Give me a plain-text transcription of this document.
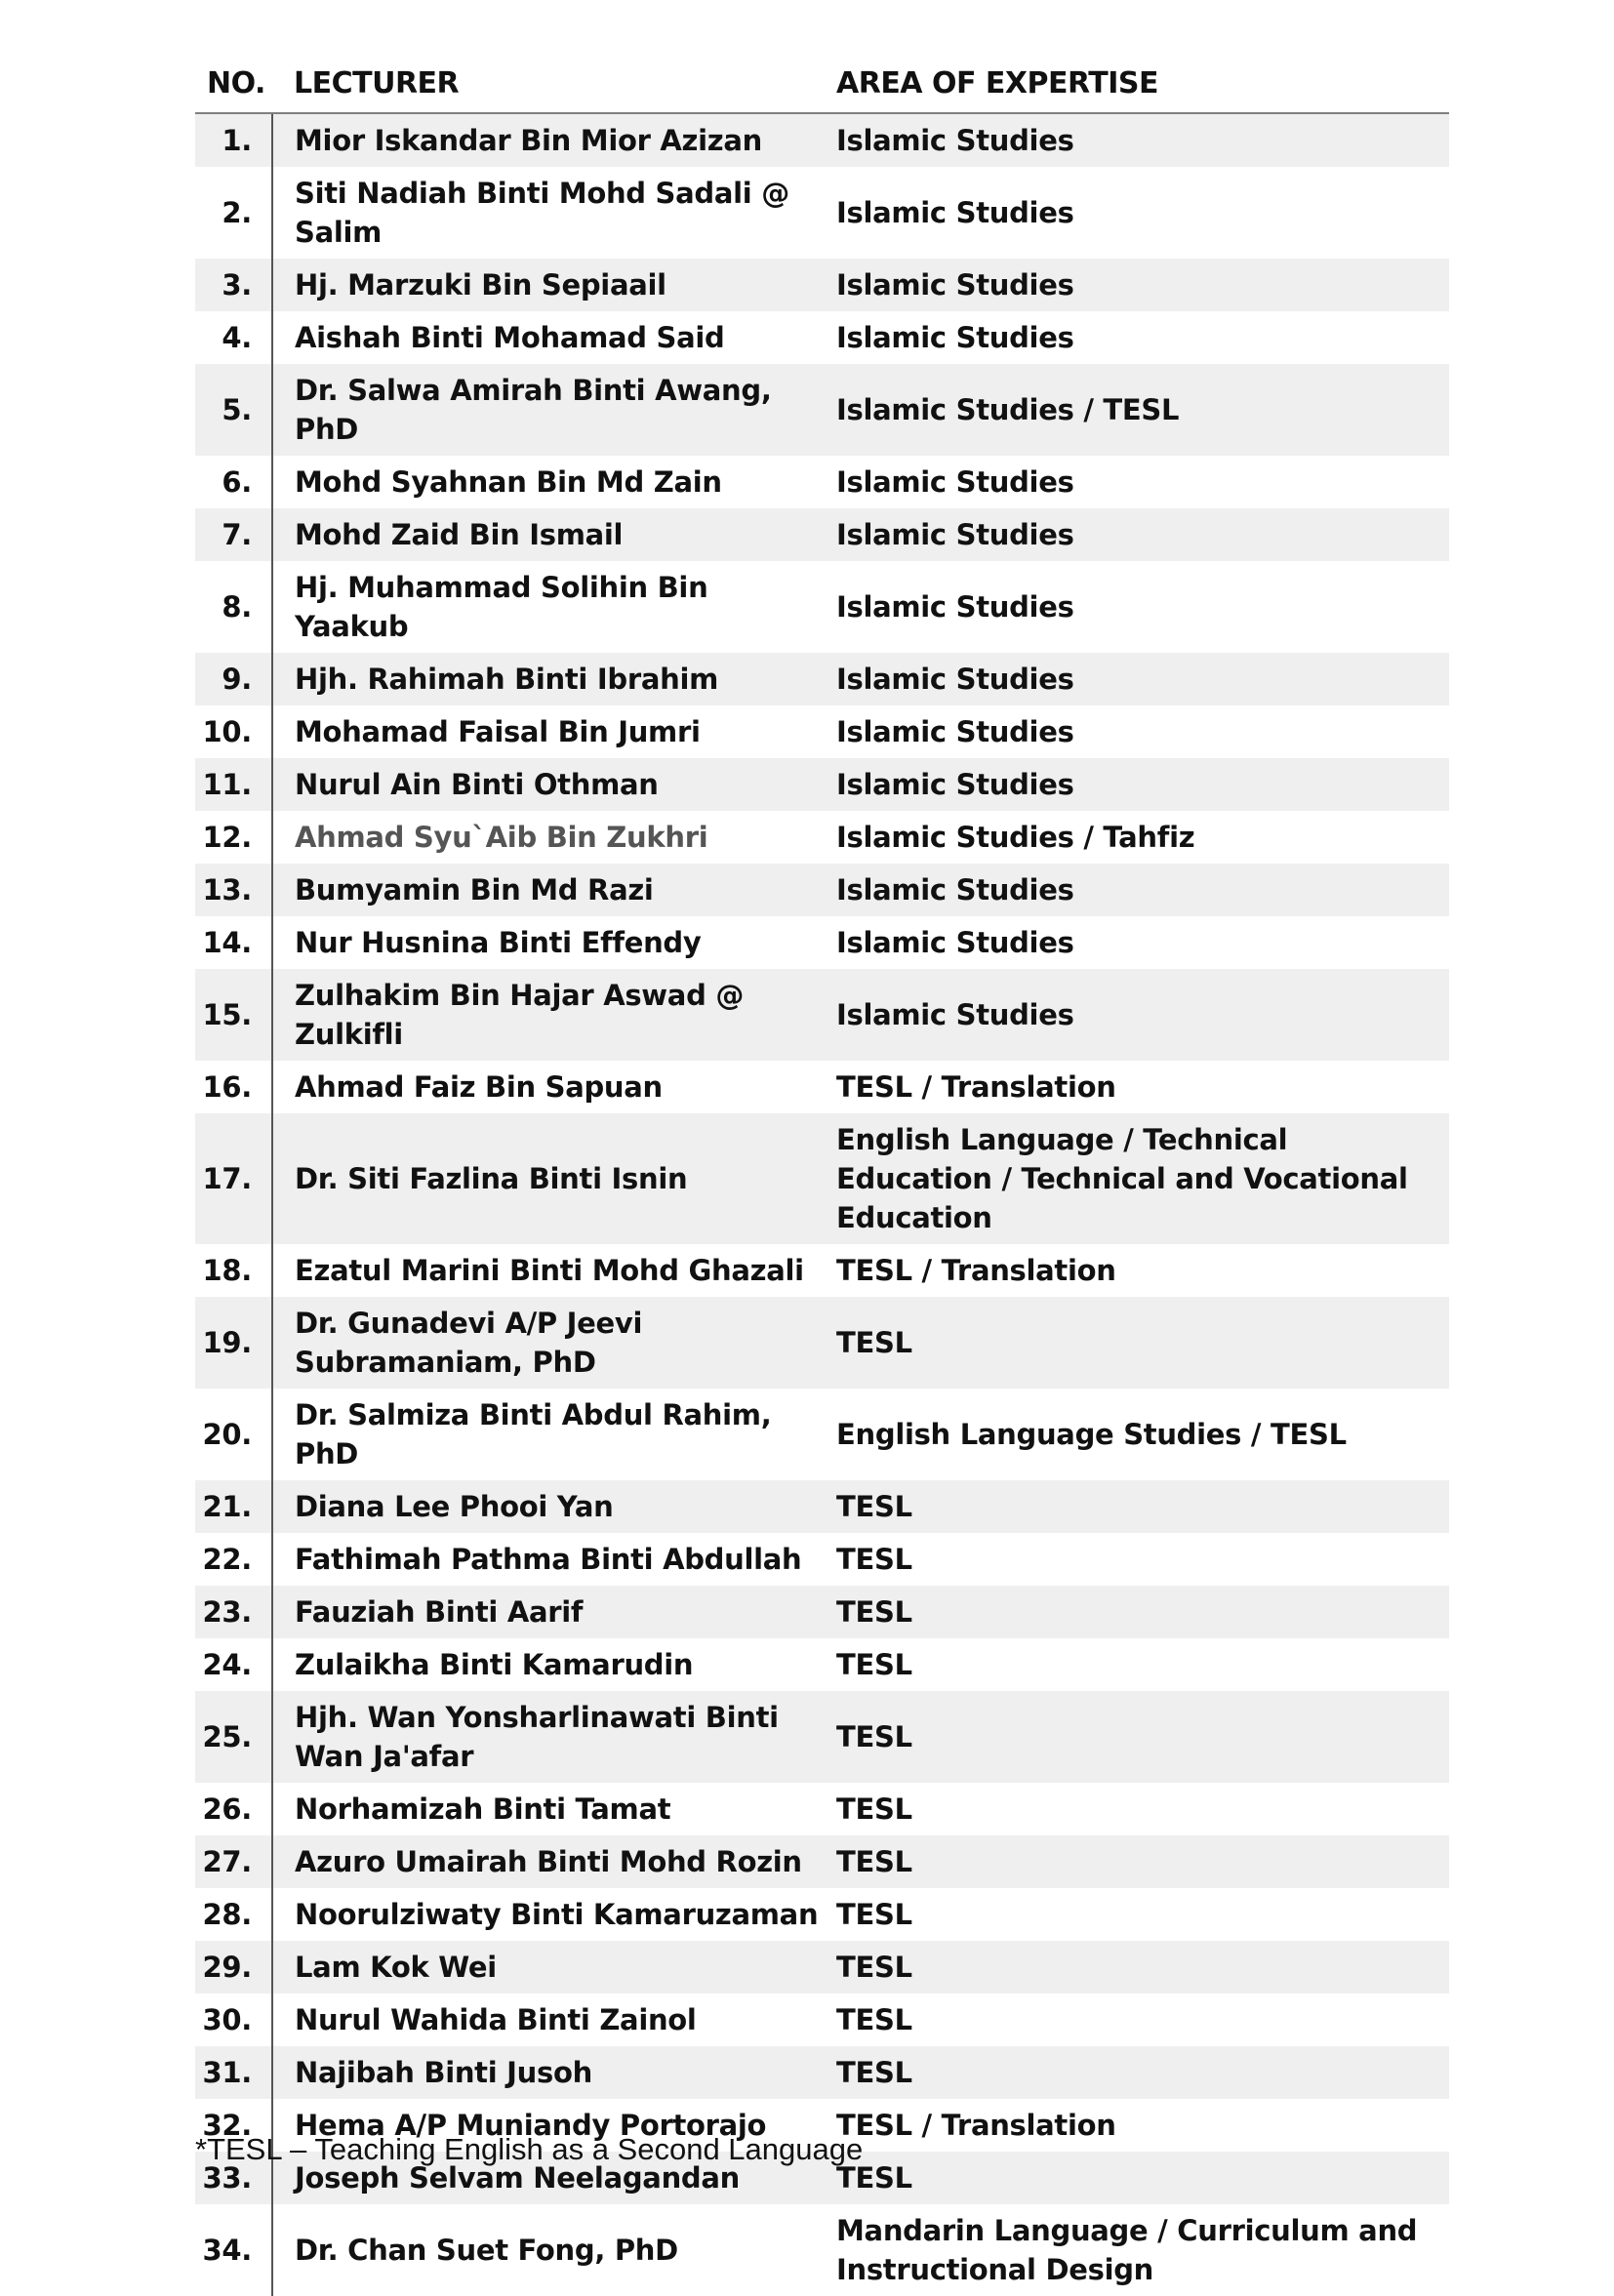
NO.	LECTURER	AREA OF EXPERTISE
1.	Mior Iskandar Bin Mior Azizan	Islamic Studies
2.	Siti Nadiah Binti Mohd Sadali @ Salim	Islamic Studies
3.	Hj. Marzuki Bin Sepiaail	Islamic Studies
4.	Aishah Binti Mohamad Said	Islamic Studies
5.	Dr. Salwa Amirah Binti Awang, PhD	Islamic Studies / TESL
6.	Mohd Syahnan Bin Md Zain	Islamic Studies
7.	Mohd Zaid Bin Ismail	Islamic Studies
8.	Hj. Muhammad Solihin Bin Yaakub	Islamic Studies
9.	Hjh. Rahimah Binti Ibrahim	Islamic Studies
10.	Mohamad Faisal Bin Jumri	Islamic Studies
11.	Nurul Ain Binti Othman	Islamic Studies
12.	Ahmad Syu`Aib Bin Zukhri	Islamic Studies / Tahfiz
13.	Bumyamin Bin Md Razi	Islamic Studies
14.	Nur Husnina Binti Effendy	Islamic Studies
15.	Zulhakim Bin Hajar Aswad @ Zulkifli	Islamic Studies
16.	Ahmad Faiz Bin Sapuan	TESL / Translation
17.	Dr. Siti Fazlina Binti Isnin	English Language / Technical Education / Technical and Vocational Education
18.	Ezatul Marini Binti Mohd Ghazali	TESL / Translation
19.	Dr. Gunadevi A/P Jeevi Subramaniam, PhD	TESL
20.	Dr. Salmiza Binti Abdul Rahim, PhD	English Language Studies / TESL
21.	Diana Lee Phooi Yan	TESL
22.	Fathimah Pathma Binti Abdullah	TESL
23.	Fauziah Binti Aarif	TESL
24.	Zulaikha Binti Kamarudin	TESL
25.	Hjh. Wan Yonsharlinawati Binti Wan Ja'afar	TESL
26.	Norhamizah Binti Tamat	TESL
27.	Azuro Umairah Binti Mohd Rozin	TESL
28.	Noorulziwaty Binti Kamaruzaman	TESL
29.	Lam Kok Wei	TESL
30.	Nurul Wahida Binti Zainol	TESL
31.	Najibah Binti Jusoh	TESL
32.	Hema A/P Muniandy Portorajo	TESL / Translation
33.	Joseph Selvam Neelagandan	TESL
34.	Dr. Chan Suet Fong, PhD	Mandarin Language / Curriculum and Instructional Design
*TESL – Teaching English as a Second Language
